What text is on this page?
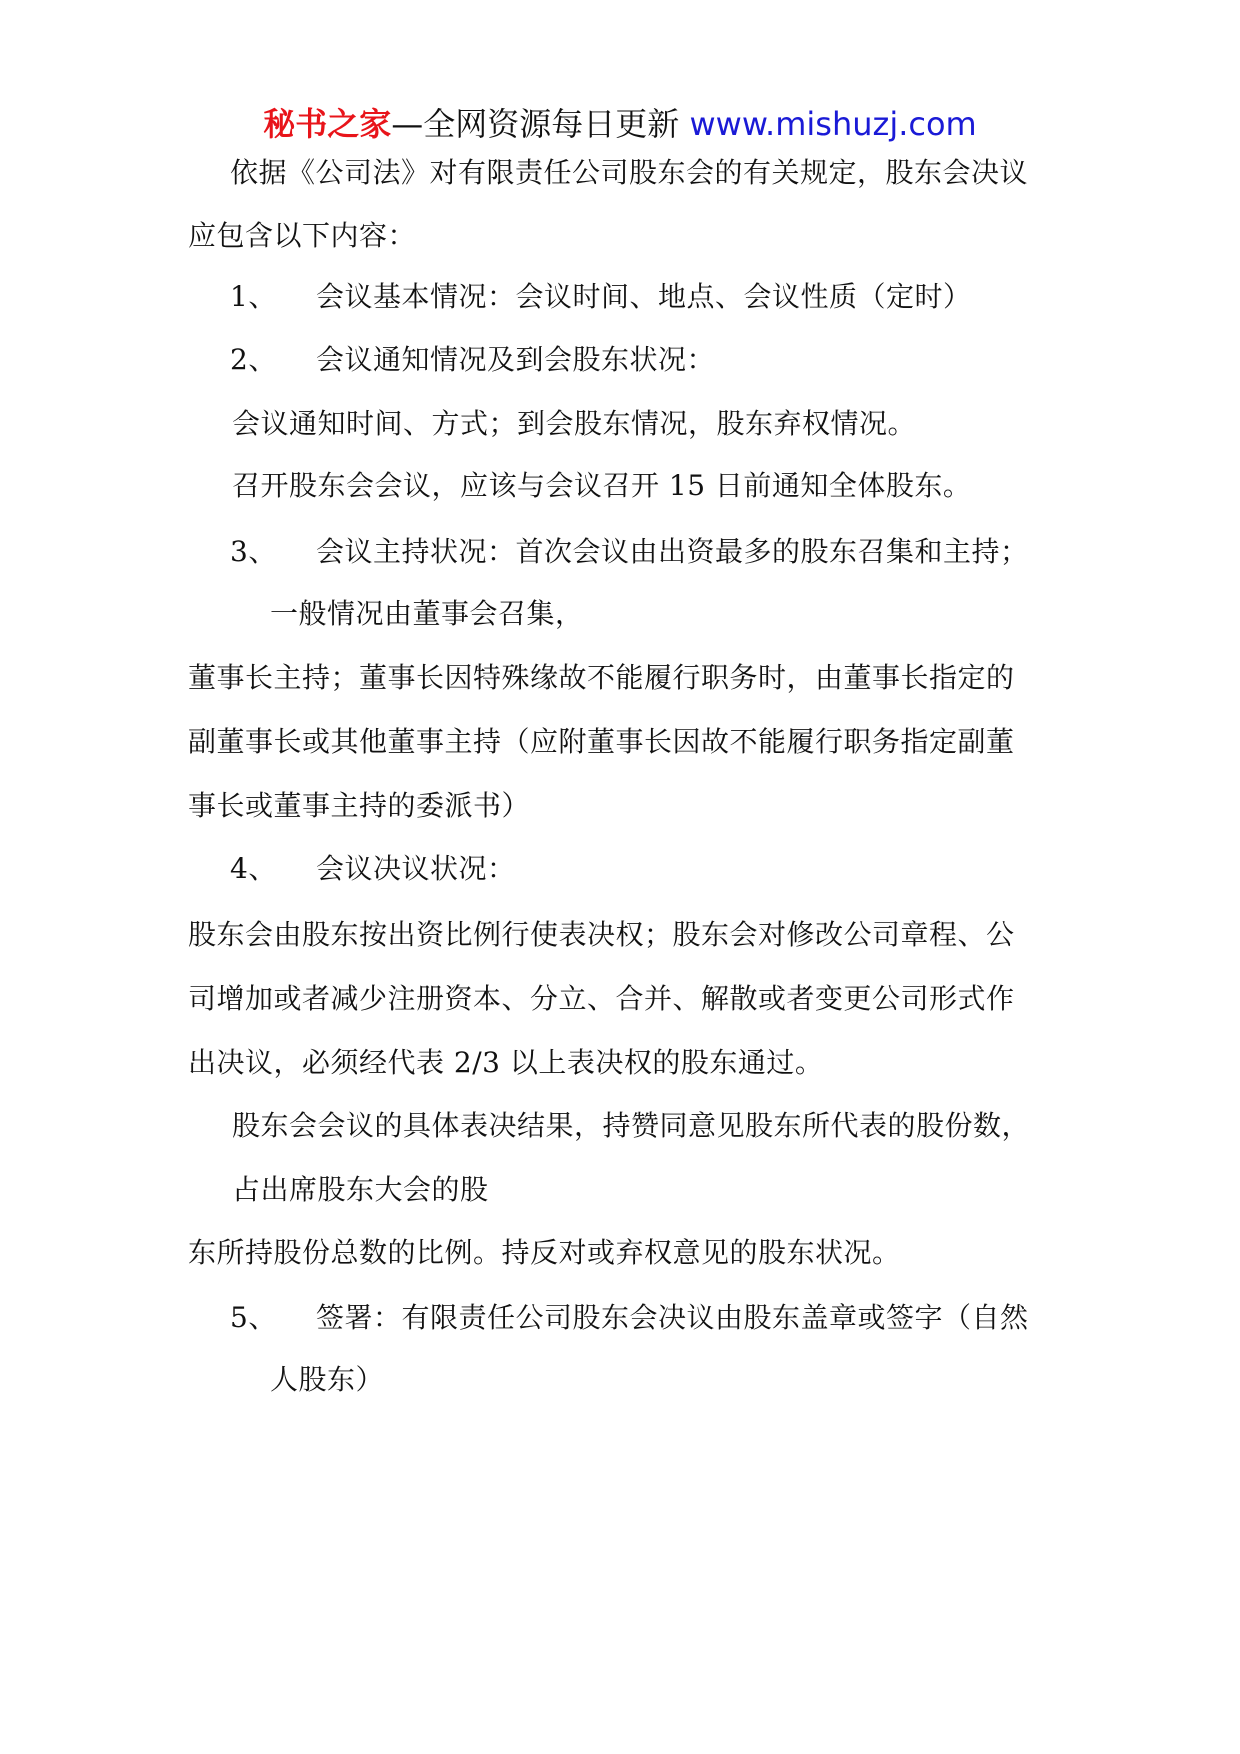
秘书之家—全网资源每日更新 www.mishuzj.com
依据《公司法》对有限责任公司股东会的有关规定，股东会决议
应包含以下内容：
1、 会议基本情况：会议时间、地点、会议性质（定时）
2、 会议通知情况及到会股东状况：
会议通知时间、方式；到会股东情况，股东弃权情况。
召开股东会会议，应该与会议召开 15 日前通知全体股东。
3、 会议主持状况：首次会议由出资最多的股东召集和主持；
一般情况由董事会召集，
董事长主持；董事长因特殊缘故不能履行职务时，由董事长指定的
副董事长或其他董事主持（应附董事长因故不能履行职务指定副董
事长或董事主持的委派书）
4、 会议决议状况：
股东会由股东按出资比例行使表决权；股东会对修改公司章程、公
司增加或者减少注册资本、分立、合并、解散或者变更公司形式作
出决议，必须经代表 2/3 以上表决权的股东通过。
股东会会议的具体表决结果，持赞同意见股东所代表的股份数，
占出席股东大会的股
东所持股份总数的比例。持反对或弃权意见的股东状况。
5、 签署：有限责任公司股东会决议由股东盖章或签字（自然
人股东）
